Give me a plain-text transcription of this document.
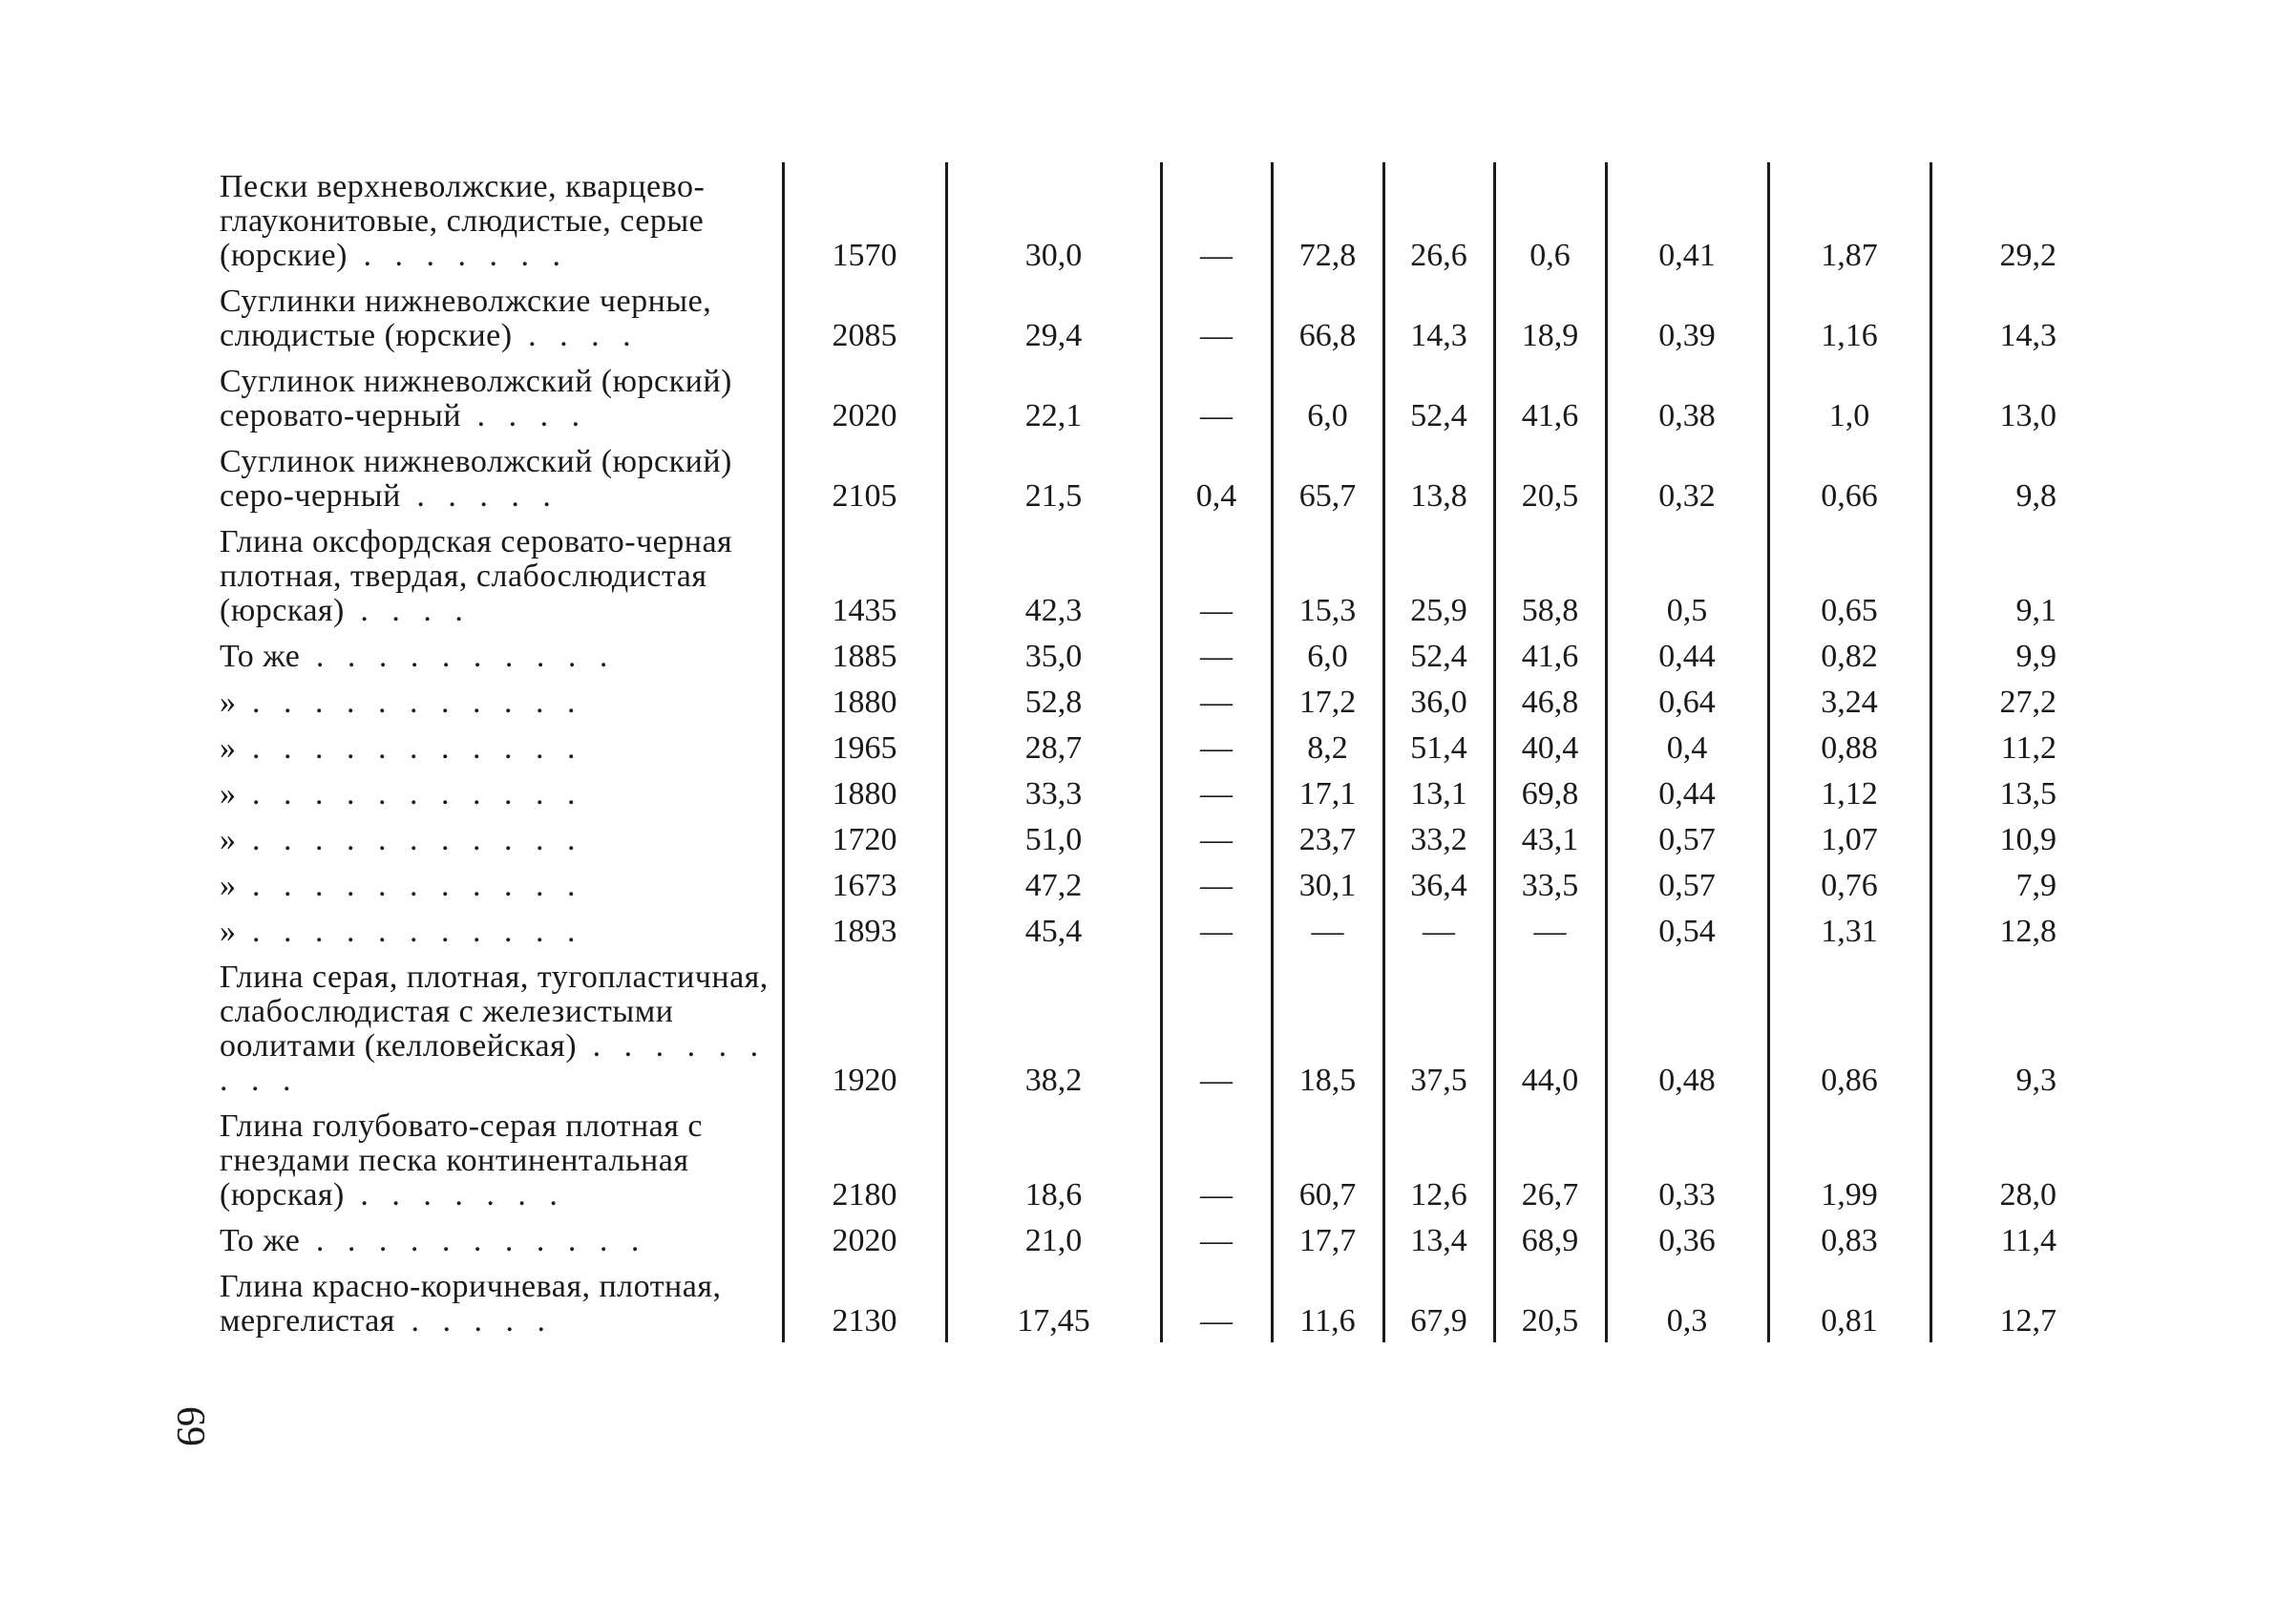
69
Пески верхневолжские, кварцево-глауконитовые, слюдистые, серые (юрские) . . . . . . .	1570	30,0	—	72,8	26,6	0,6	0,41	1,87	29,2
Суглинки нижневолжские черные, слюдистые (юрские) . . . .	2085	29,4	—	66,8	14,3	18,9	0,39	1,16	14,3
Суглинок нижневолжский (юрский) серовато-черный . . . .	2020	22,1	—	6,0	52,4	41,6	0,38	1,0	13,0
Суглинок нижневолжский (юрский) серо-черный . . . . .	2105	21,5	0,4	65,7	13,8	20,5	0,32	0,66	9,8
Глина оксфордская серовато-черная плотная, твердая, слабослюдистая (юрская) . . . .	1435	42,3	—	15,3	25,9	58,8	0,5	0,65	9,1
То же . . . . . . . . . .	1885	35,0	—	6,0	52,4	41,6	0,44	0,82	9,9
» . . . . . . . . . . .	1880	52,8	—	17,2	36,0	46,8	0,64	3,24	27,2
» . . . . . . . . . . .	1965	28,7	—	8,2	51,4	40,4	0,4	0,88	11,2
» . . . . . . . . . . .	1880	33,3	—	17,1	13,1	69,8	0,44	1,12	13,5
» . . . . . . . . . . .	1720	51,0	—	23,7	33,2	43,1	0,57	1,07	10,9
» . . . . . . . . . . .	1673	47,2	—	30,1	36,4	33,5	0,57	0,76	7,9
» . . . . . . . . . . .	1893	45,4	—	—	—	—	0,54	1,31	12,8
Глина серая, плотная, тугопластичная, слабослюдистая с железистыми оолитами (келловейская) . . . . . . . . .	1920	38,2	—	18,5	37,5	44,0	0,48	0,86	9,3
Глина голубовато-серая плотная с гнездами песка континентальная (юрская) . . . . . . .	2180	18,6	—	60,7	12,6	26,7	0,33	1,99	28,0
То же . . . . . . . . . . .	2020	21,0	—	17,7	13,4	68,9	0,36	0,83	11,4
Глина красно-коричневая, плотная, мергелистая . . . . .	2130	17,45	—	11,6	67,9	20,5	0,3	0,81	12,7
